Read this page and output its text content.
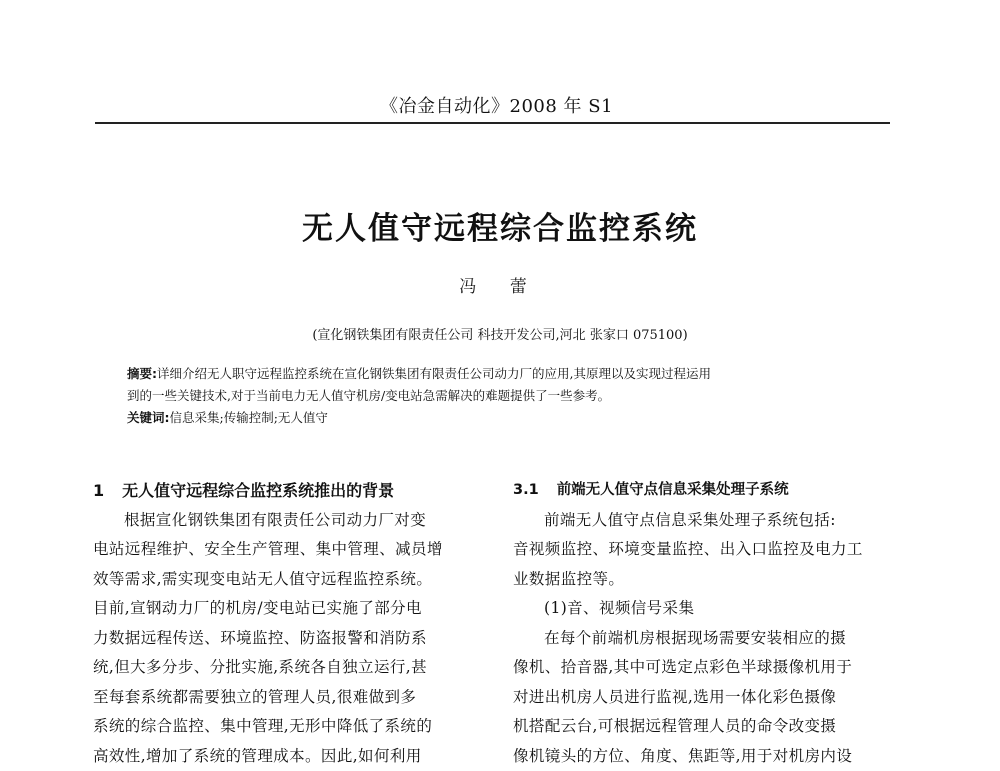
《冶金自动化》2008 年 S1
无人值守远程综合监控系统
冯 蕾
(宣化钢铁集团有限责任公司 科技开发公司,河北 张家口 075100)
摘要:详细介绍无人职守远程监控系统在宣化钢铁集团有限责任公司动力厂的应用,其原理以及实现过程运用
到的一些关键技术,对于当前电力无人值守机房/变电站急需解决的难题提供了一些参考。
关键词:信息采集;传输控制;无人值守
1 无人值守远程综合监控系统推出的背景
根据宣化钢铁集团有限责任公司动力厂对变
电站远程维护、安全生产管理、集中管理、减员增
效等需求,需实现变电站无人值守远程监控系统。
目前,宣钢动力厂的机房/变电站已实施了部分电
力数据远程传送、环境监控、防盗报警和消防系
统,但大多分步、分批实施,系统各自独立运行,甚
至每套系统都需要独立的管理人员,很难做到多
系统的综合监控、集中管理,无形中降低了系统的
高效性,增加了系统的管理成本。因此,如何利用
3.1 前端无人值守点信息采集处理子系统
前端无人值守点信息采集处理子系统包括:
音视频监控、环境变量监控、出入口监控及电力工
业数据监控等。
(1)音、视频信号采集
在每个前端机房根据现场需要安装相应的摄
像机、拾音器,其中可选定点彩色半球摄像机用于
对进出机房人员进行监视,选用一体化彩色摄像
机搭配云台,可根据远程管理人员的命令改变摄
像机镜头的方位、角度、焦距等,用于对机房内设
